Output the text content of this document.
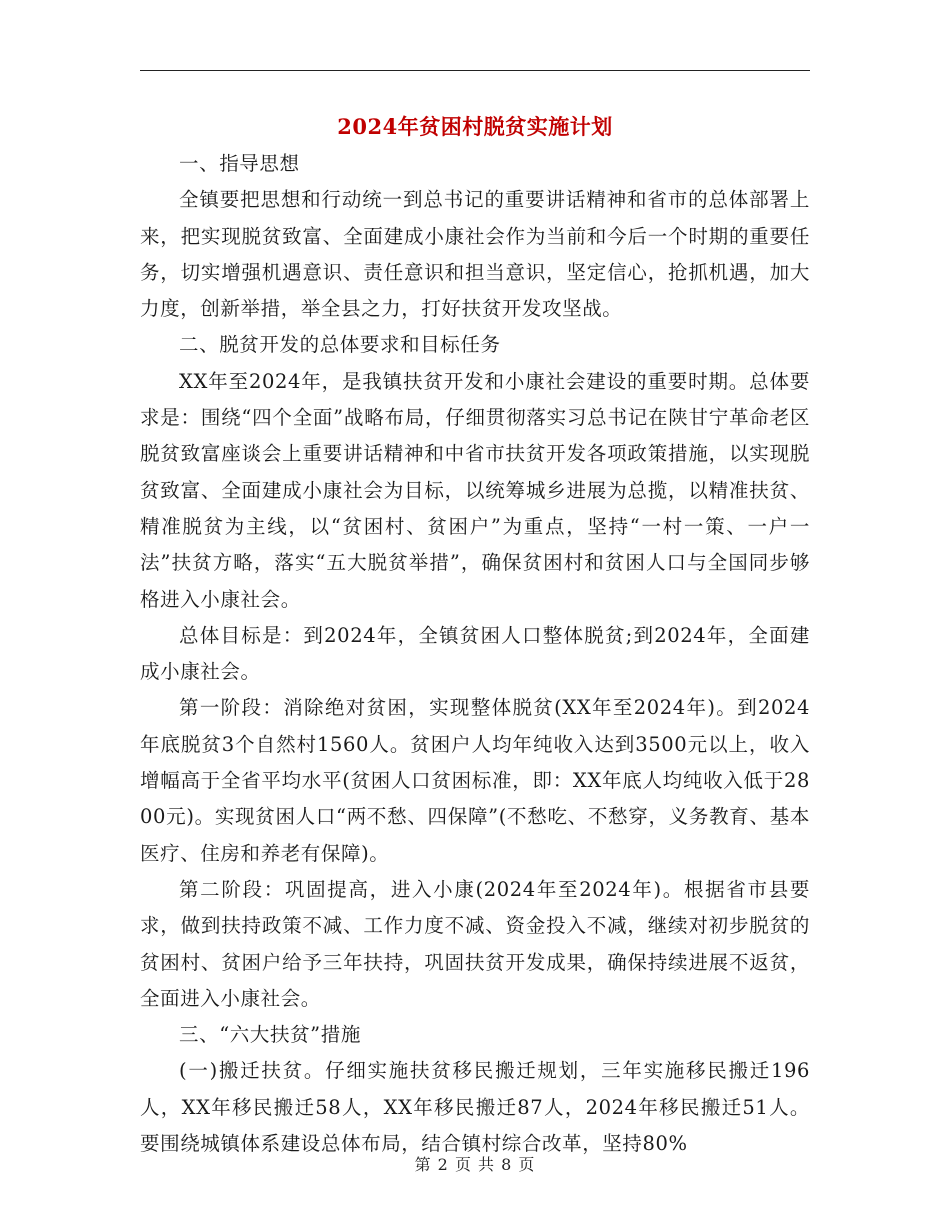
2024年贫困村脱贫实施计划

一、指导思想

全镇要把思想和行动统一到总书记的重要讲话精神和省市的总体部署上来，把实现脱贫致富、全面建成小康社会作为当前和今后一个时期的重要任务，切实增强机遇意识、责任意识和担当意识，坚定信心，抢抓机遇，加大力度，创新举措，举全县之力，打好扶贫开发攻坚战。

二、脱贫开发的总体要求和目标任务

XX年至2024年，是我镇扶贫开发和小康社会建设的重要时期。总体要求是：围绕“四个全面”战略布局，仔细贯彻落实习总书记在陕甘宁革命老区脱贫致富座谈会上重要讲话精神和中省市扶贫开发各项政策措施，以实现脱贫致富、全面建成小康社会为目标，以统筹城乡进展为总揽，以精准扶贫、精准脱贫为主线，以“贫困村、贫困户”为重点，坚持“一村一策、一户一法”扶贫方略，落实“五大脱贫举措”，确保贫困村和贫困人口与全国同步够格进入小康社会。

总体目标是：到2024年，全镇贫困人口整体脱贫;到2024年，全面建成小康社会。

第一阶段：消除绝对贫困，实现整体脱贫(XX年至2024年)。到2024年底脱贫3个自然村1560人。贫困户人均年纯收入达到3500元以上，收入增幅高于全省平均水平(贫困人口贫困标准，即：XX年底人均纯收入低于2800元)。实现贫困人口“两不愁、四保障”(不愁吃、不愁穿，义务教育、基本医疗、住房和养老有保障)。

第二阶段：巩固提高，进入小康(2024年至2024年)。根据省市县要求，做到扶持政策不减、工作力度不减、资金投入不减，继续对初步脱贫的贫困村、贫困户给予三年扶持，巩固扶贫开发成果，确保持续进展不返贫，全面进入小康社会。

三、“六大扶贫”措施

(一)搬迁扶贫。仔细实施扶贫移民搬迁规划，三年实施移民搬迁196人，XX年移民搬迁58人，XX年移民搬迁87人，2024年移民搬迁51人。要围绕城镇体系建设总体布局，结合镇村综合改革，坚持80%

第 2 页 共 8 页
